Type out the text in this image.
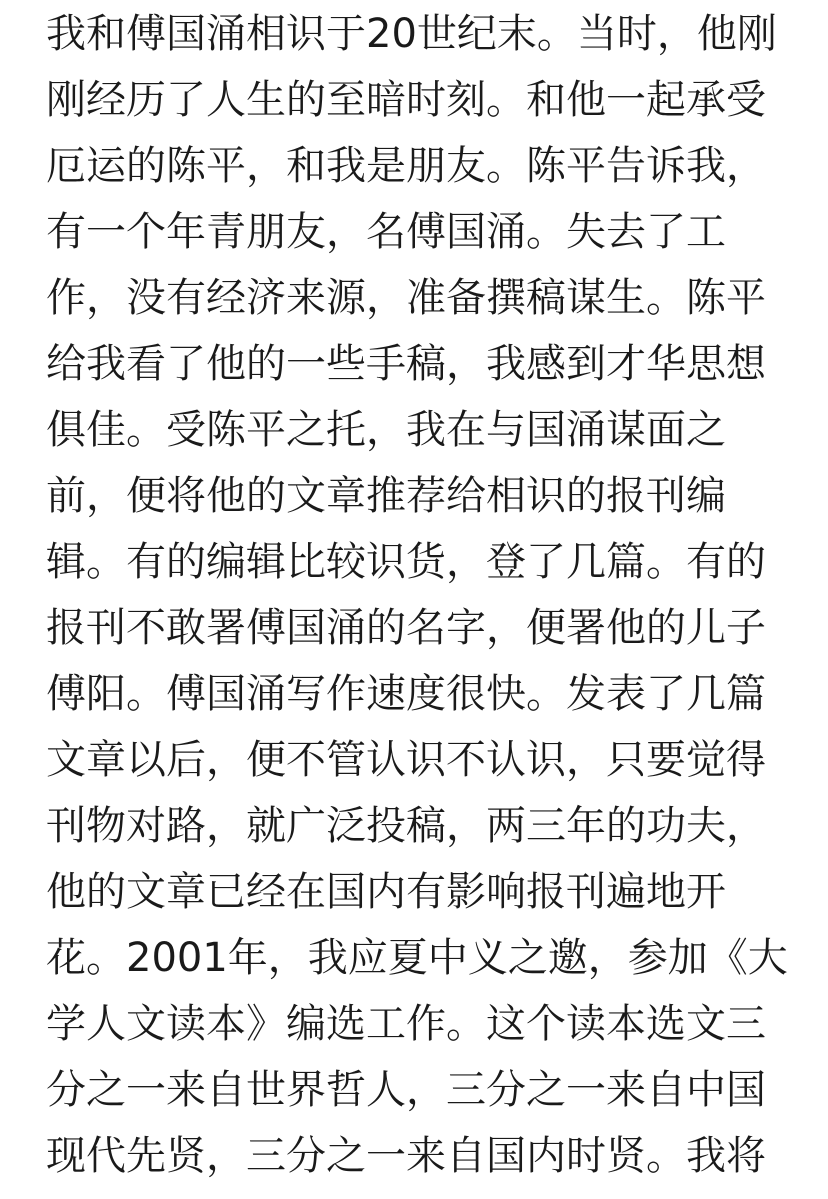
我和傅国涌相识于20世纪末。当时，他刚
刚经历了人生的至暗时刻。和他一起承受
厄运的陈平，和我是朋友。陈平告诉我，
有一个年青朋友，名傅国涌。失去了工
作，没有经济来源，准备撰稿谋生。陈平
给我看了他的一些手稿，我感到才华思想
俱佳。受陈平之托，我在与国涌谋面之
前，便将他的文章推荐给相识的报刊编
辑。有的编辑比较识货，登了几篇。有的
报刊不敢署傅国涌的名字，便署他的儿子
傅阳。傅国涌写作速度很快。发表了几篇
文章以后，便不管认识不认识，只要觉得
刊物对路，就广泛投稿，两三年的功夫，
他的文章已经在国内有影响报刊遍地开
花。2001年，我应夏中义之邀，参加《大
学人文读本》编选工作。这个读本选文三
分之一来自世界哲人，三分之一来自中国
现代先贤，三分之一来自国内时贤。我将
